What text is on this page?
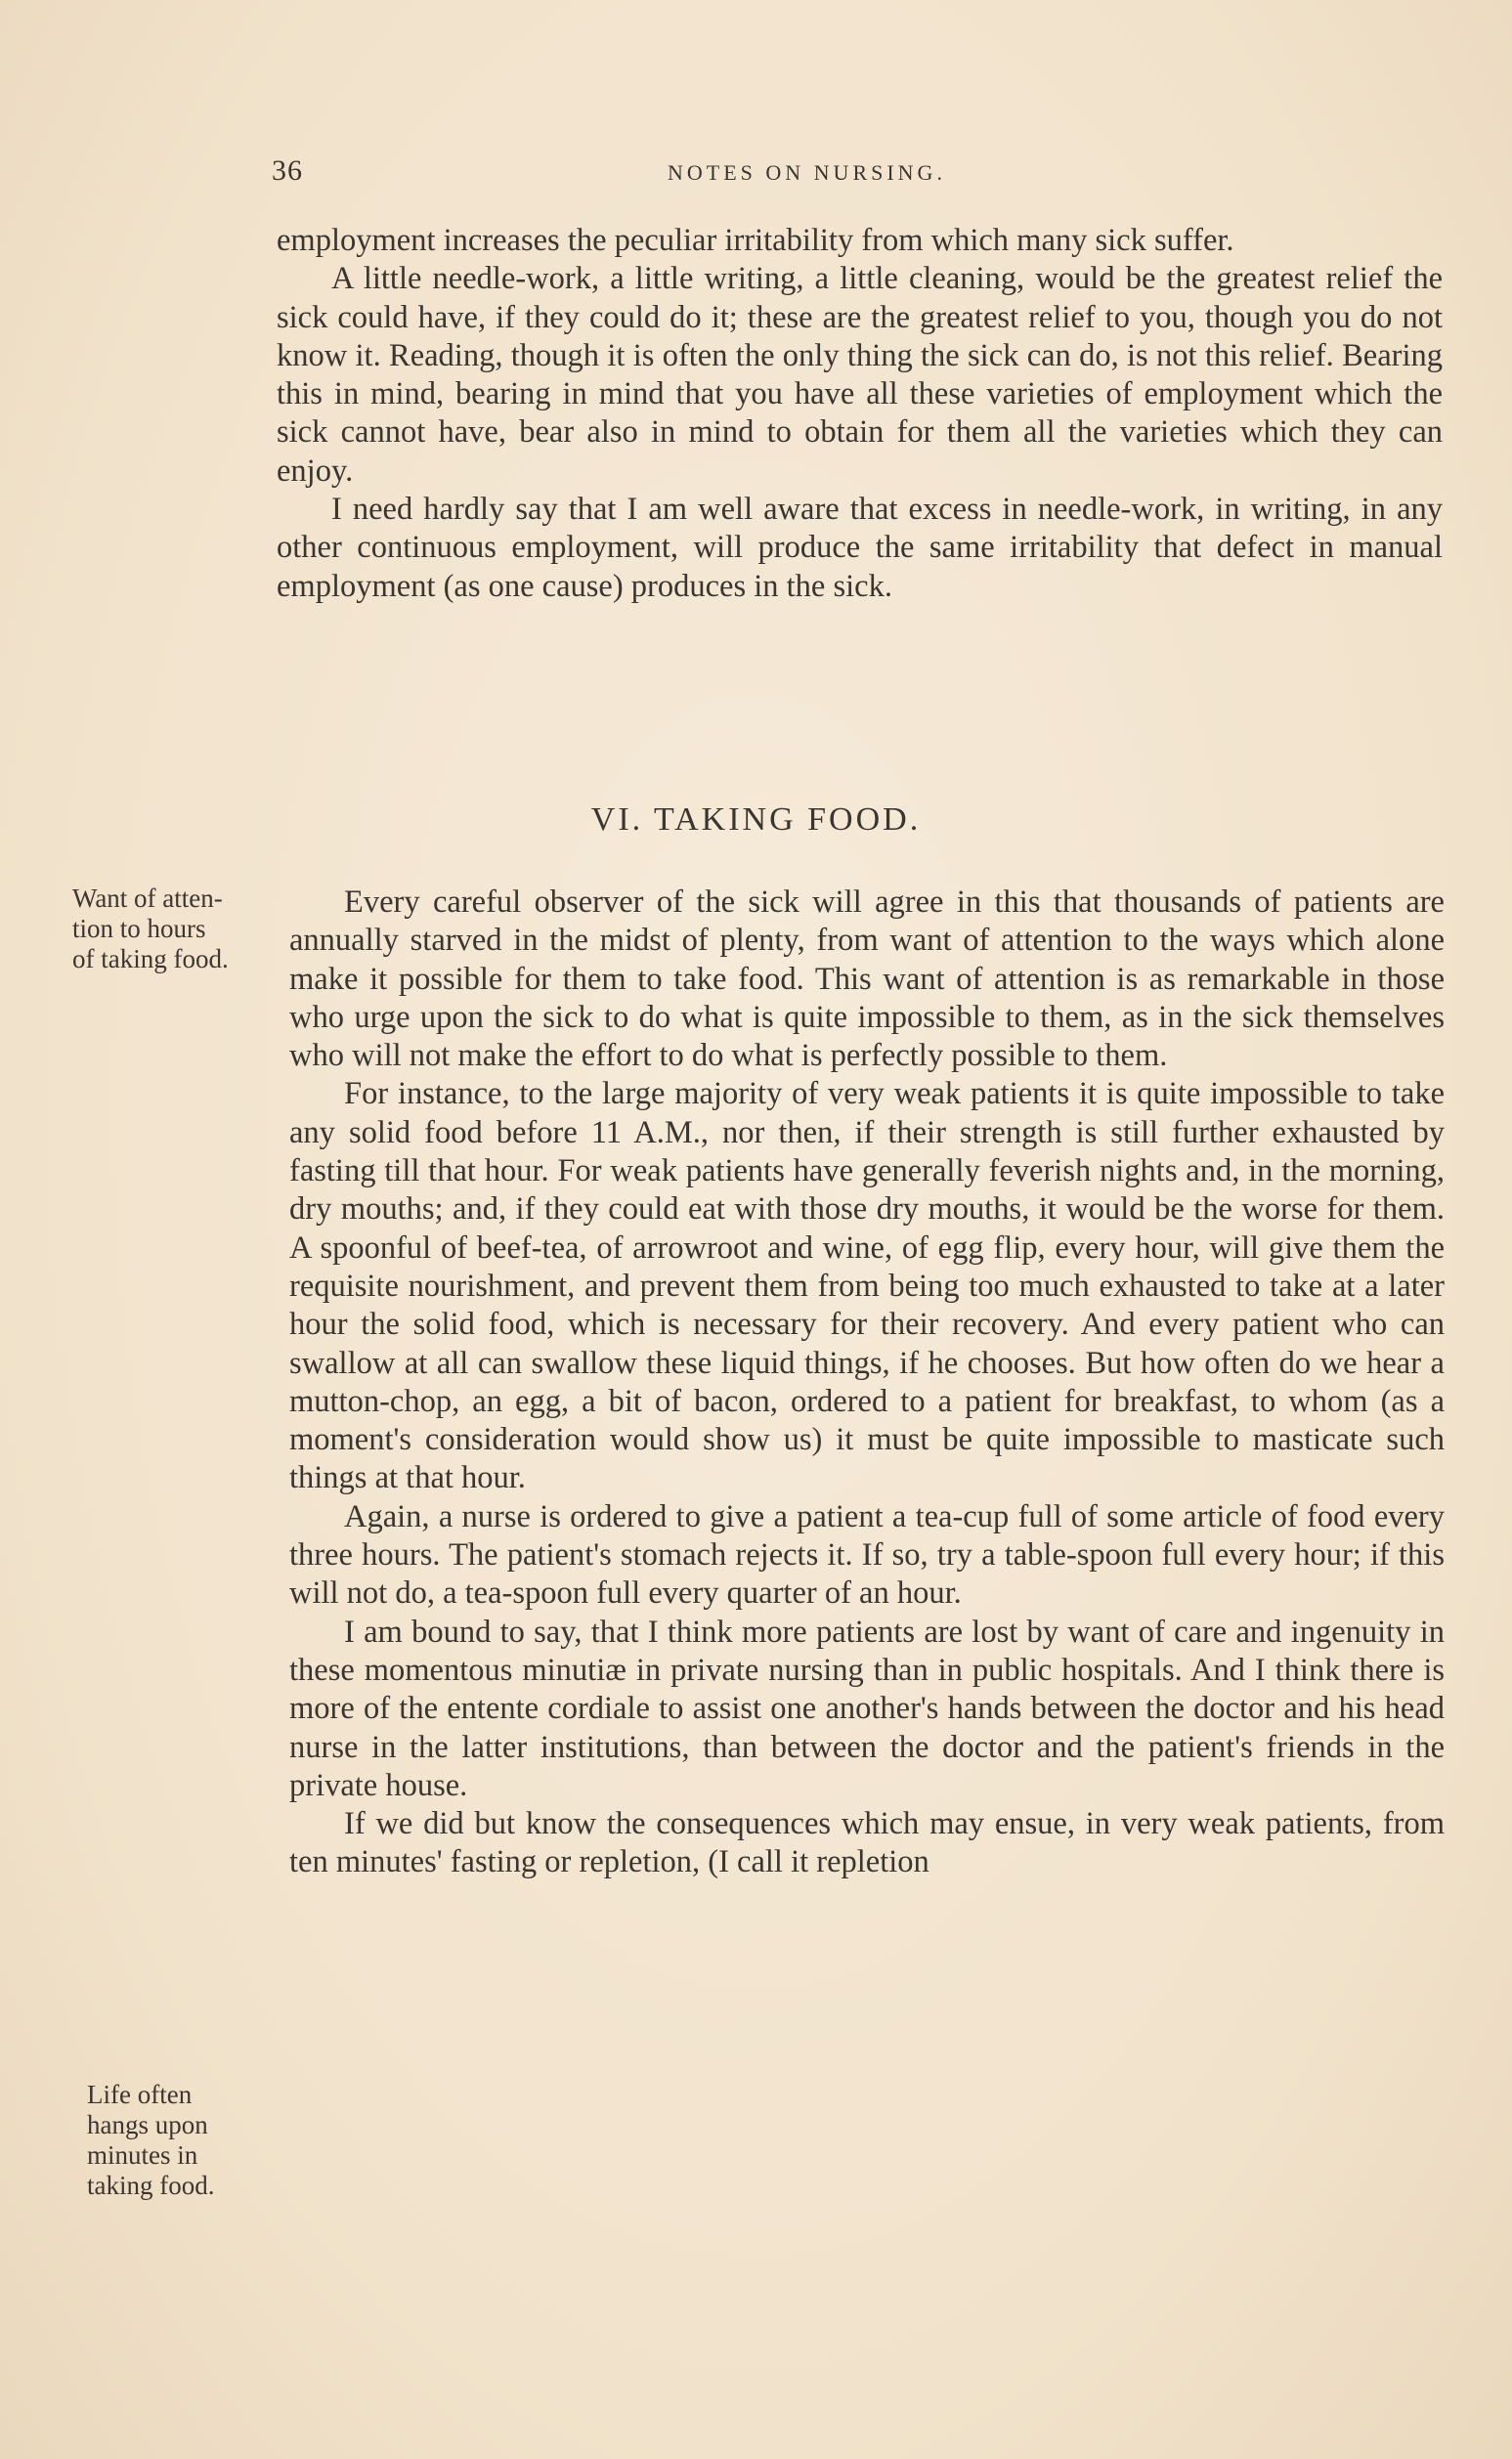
36	NOTES ON NURSING.

employment increases the peculiar irritability from which many sick suffer.

A little needle-work, a little writing, a little cleaning, would be the greatest relief the sick could have, if they could do it; these are the greatest relief to you, though you do not know it. Reading, though it is often the only thing the sick can do, is not this relief. Bearing this in mind, bearing in mind that you have all these varieties of employment which the sick cannot have, bear also in mind to obtain for them all the varieties which they can enjoy.

I need hardly say that I am well aware that excess in needle-work, in writing, in any other continuous employment, will produce the same irritability that defect in manual employment (as one cause) produces in the sick.

VI. TAKING FOOD.
Want of atten-
tion to hours
of taking food.

Every careful observer of the sick will agree in this that thousands of patients are annually starved in the midst of plenty, from want of attention to the ways which alone make it possible for them to take food. This want of attention is as remarkable in those who urge upon the sick to do what is quite impossible to them, as in the sick themselves who will not make the effort to do what is perfectly possible to them.

For instance, to the large majority of very weak patients it is quite impossible to take any solid food before 11 A.M., nor then, if their strength is still further exhausted by fasting till that hour. For weak patients have generally feverish nights and, in the morning, dry mouths; and, if they could eat with those dry mouths, it would be the worse for them. A spoonful of beef-tea, of arrowroot and wine, of egg flip, every hour, will give them the requisite nourishment, and prevent them from being too much exhausted to take at a later hour the solid food, which is necessary for their recovery. And every patient who can swallow at all can swallow these liquid things, if he chooses. But how often do we hear a mutton-chop, an egg, a bit of bacon, ordered to a patient for breakfast, to whom (as a moment's consideration would show us) it must be quite impossible to masticate such things at that hour.

Again, a nurse is ordered to give a patient a tea-cup full of some article of food every three hours. The patient's stomach rejects it. If so, try a table-spoon full every hour; if this will not do, a tea-spoon full every quarter of an hour.

I am bound to say, that I think more patients are lost by want of care and ingenuity in these momentous minutiæ in private nursing than in public hospitals. And I think there is more of the entente cordiale to assist one another's hands between the doctor and his head nurse in the latter institutions, than between the doctor and the patient's friends in the private house.

If we did but know the consequences which may ensue, in very weak patients, from ten minutes' fasting or repletion, (I call it repletion

Life often
hangs upon
minutes in
taking food.
